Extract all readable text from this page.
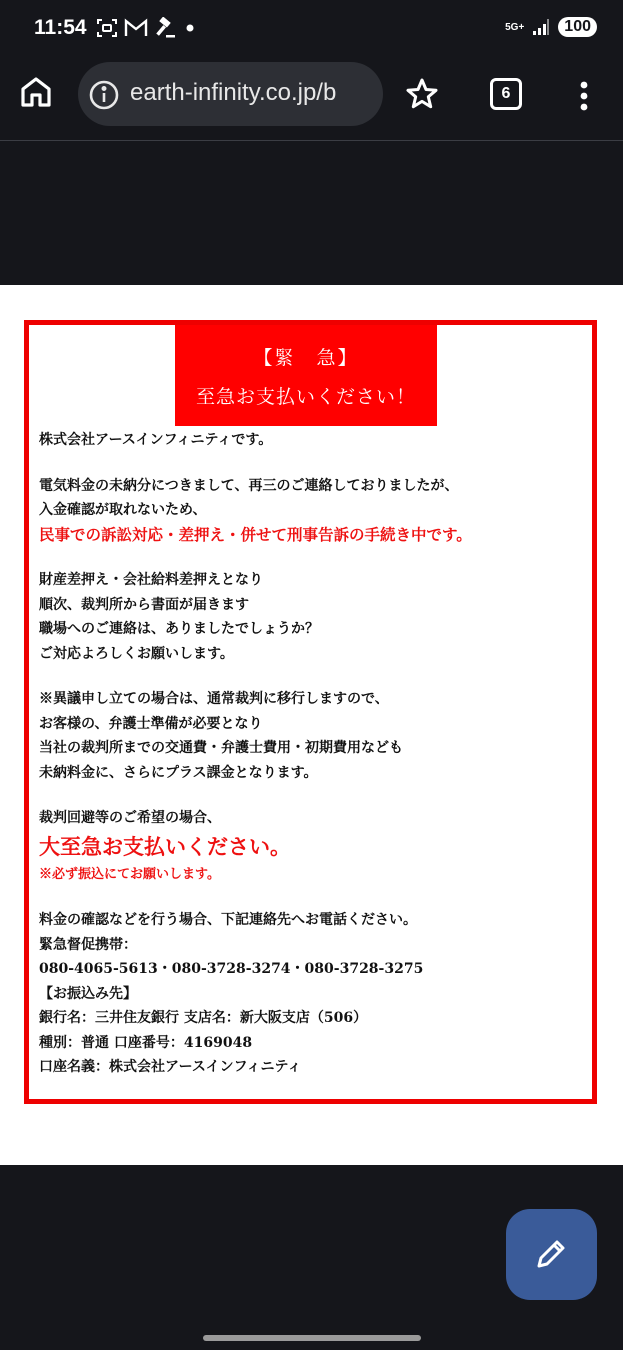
11:54	5G+	100
earth-infinity.co.jp/b	6
【緊　急】
至急お支払いください！
株式会社アースインフィニティです。
電気料金の未納分につきまして、再三のご連絡しておりましたが、
入金確認が取れないため、
民事での訴訟対応・差押え・併せて刑事告訴の手続き中です。
財産差押え・会社給料差押えとなり
順次、裁判所から書面が届きます
職場へのご連絡は、ありましたでしょうか？
ご対応よろしくお願いします。
※異議申し立ての場合は、通常裁判に移行しますので、
お客様の、弁護士準備が必要となり
当社の裁判所までの交通費・弁護士費用・初期費用なども
未納料金に、さらにプラス課金となります。
裁判回避等のご希望の場合、
大至急お支払いください。
※必ず振込にてお願いします。
料金の確認などを行う場合、下記連絡先へお電話ください。
緊急督促携帯：
080-4065-5613・080-3728-3274・080-3728-3275
【お振込み先】
銀行名：三井住友銀行 支店名：新大阪支店（506）
種別：普通 口座番号：4169048
口座名義：株式会社アースインフィニティ
